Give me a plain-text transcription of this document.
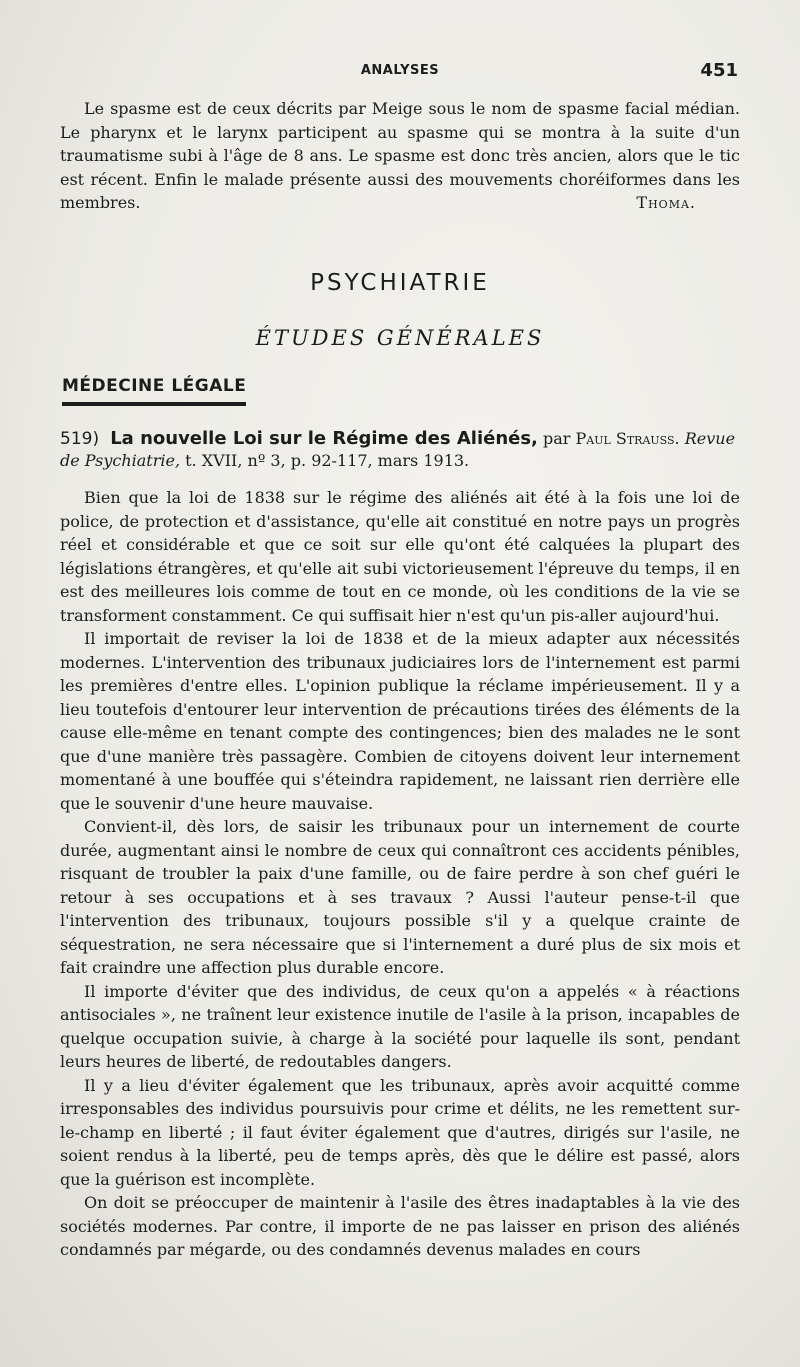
ANALYSES	451

Le spasme est de ceux décrits par Meige sous le nom de spasme facial médian. Le pharynx et le larynx participent au spasme qui se montra à la suite d'un traumatisme subi à l'âge de 8 ans. Le spasme est donc très ancien, alors que le tic est récent. Enfin le malade présente aussi des mouvements choréiformes dans les membres.	Thoma.

PSYCHIATRIE
ÉTUDES GÉNÉRALES
MÉDECINE LÉGALE
519) La nouvelle Loi sur le Régime des Aliénés, par Paul Strauss. Revue de Psychiatrie, t. XVII, nº 3, p. 92-117, mars 1913.

Bien que la loi de 1838 sur le régime des aliénés ait été à la fois une loi de police, de protection et d'assistance, qu'elle ait constitué en notre pays un progrès réel et considérable et que ce soit sur elle qu'ont été calquées la plupart des législations étrangères, et qu'elle ait subi victorieusement l'épreuve du temps, il en est des meilleures lois comme de tout en ce monde, où les conditions de la vie se transforment constamment. Ce qui suffisait hier n'est qu'un pis-aller aujourd'hui.

Il importait de reviser la loi de 1838 et de la mieux adapter aux nécessités modernes. L'intervention des tribunaux judiciaires lors de l'internement est parmi les premières d'entre elles. L'opinion publique la réclame impérieusement. Il y a lieu toutefois d'entourer leur intervention de précautions tirées des éléments de la cause elle-même en tenant compte des contingences; bien des malades ne le sont que d'une manière très passagère. Combien de citoyens doivent leur internement momentané à une bouffée qui s'éteindra rapidement, ne laissant rien derrière elle que le souvenir d'une heure mauvaise.

Convient-il, dès lors, de saisir les tribunaux pour un internement de courte durée, augmentant ainsi le nombre de ceux qui connaîtront ces accidents pénibles, risquant de troubler la paix d'une famille, ou de faire perdre à son chef guéri le retour à ses occupations et à ses travaux ? Aussi l'auteur pense-t-il que l'intervention des tribunaux, toujours possible s'il y a quelque crainte de séquestration, ne sera nécessaire que si l'internement a duré plus de six mois et fait craindre une affection plus durable encore.

Il importe d'éviter que des individus, de ceux qu'on a appelés « à réactions antisociales », ne traînent leur existence inutile de l'asile à la prison, incapables de quelque occupation suivie, à charge à la société pour laquelle ils sont, pendant leurs heures de liberté, de redoutables dangers.

Il y a lieu d'éviter également que les tribunaux, après avoir acquitté comme irresponsables des individus poursuivis pour crime et délits, ne les remettent sur-le-champ en liberté ; il faut éviter également que d'autres, dirigés sur l'asile, ne soient rendus à la liberté, peu de temps après, dès que le délire est passé, alors que la guérison est incomplète.

On doit se préoccuper de maintenir à l'asile des êtres inadaptables à la vie des sociétés modernes. Par contre, il importe de ne pas laisser en prison des aliénés condamnés par mégarde, ou des condamnés devenus malades en cours
